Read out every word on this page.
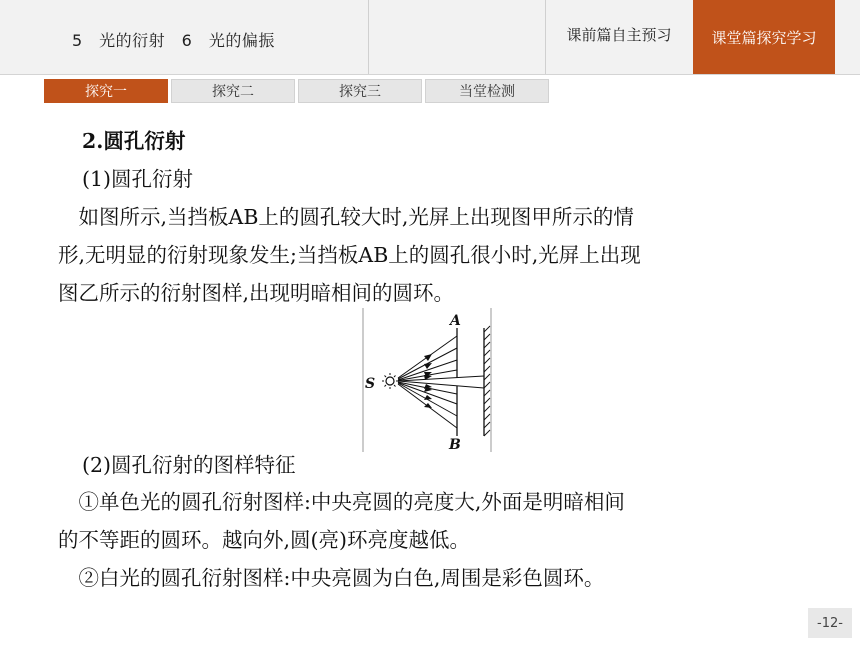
5　光的衍射　6　光的偏振	课前篇自主预习	课堂篇探究学习
探究一	探究二	探究三	当堂检测
2.圆孔衍射
(1)圆孔衍射
　如图所示,当挡板AB上的圆孔较大时,光屏上出现图甲所示的情
形,无明显的衍射现象发生;当挡板AB上的圆孔很小时,光屏上出现
图乙所示的衍射图样,出现明暗相间的圆环。
A
B
S
(2)圆孔衍射的图样特征
　①单色光的圆孔衍射图样:中央亮圆的亮度大,外面是明暗相间
的不等距的圆环。越向外,圆(亮)环亮度越低。
　②白光的圆孔衍射图样:中央亮圆为白色,周围是彩色圆环。
-12-
